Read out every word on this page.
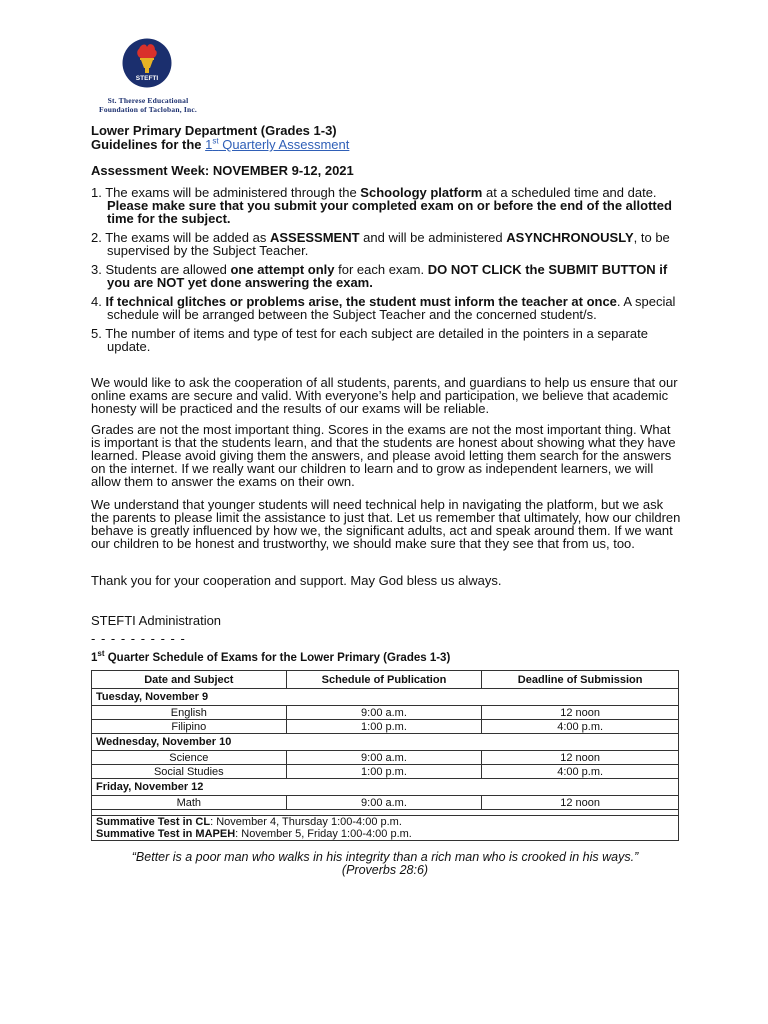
STEFTI
St. Therese Educational
Foundation of Tacloban, Inc.
Lower Primary Department (Grades 1-3)
Guidelines for the 1st Quarterly Assessment
Assessment Week: NOVEMBER 9-12, 2021
1. The exams will be administered through the Schoology platform at a scheduled time and date. Please make sure that you submit your completed exam on or before the end of the allotted time for the subject.
2. The exams will be added as ASSESSMENT and will be administered ASYNCHRONOUSLY, to be supervised by the Subject Teacher.
3. Students are allowed one attempt only for each exam. DO NOT CLICK the SUBMIT BUTTON if you are NOT yet done answering the exam.
4. If technical glitches or problems arise, the student must inform the teacher at once. A special schedule will be arranged between the Subject Teacher and the concerned student/s.
5. The number of items and type of test for each subject are detailed in the pointers in a separate update.

We would like to ask the cooperation of all students, parents, and guardians to help us ensure that our online exams are secure and valid. With everyone’s help and participation, we believe that academic honesty will be practiced and the results of our exams will be reliable.

Grades are not the most important thing. Scores in the exams are not the most important thing. What is important is that the students learn, and that the students are honest about showing what they have learned. Please avoid giving them the answers, and please avoid letting them search for the answers on the internet. If we really want our children to learn and to grow as independent learners, we will allow them to answer the exams on their own.

We understand that younger students will need technical help in navigating the platform, but we ask the parents to please limit the assistance to just that. Let us remember that ultimately, how our children behave is greatly influenced by how we, the significant adults, act and speak around them. If we want our children to be honest and trustworthy, we should make sure that they see that from us, too.

Thank you for your cooperation and support. May God bless us always.

STEFTI Administration
- - - - - - - - - -
1st Quarter Schedule of Exams for the Lower Primary (Grades 1-3)
Date and Subject	Schedule of Publication	Deadline of Submission
Tuesday, November 9		
English	9:00 a.m.	12 noon
Filipino	1:00 p.m.	4:00 p.m.
Wednesday, November 10		
Science	9:00 a.m.	12 noon
Social Studies	1:00 p.m.	4:00 p.m.
Friday, November 12		
Math	9:00 a.m.	12 noon

Summative Test in CL: November 4, Thursday 1:00-4:00 p.m.
Summative Test in MAPEH: November 5, Friday 1:00-4:00 p.m.		
“Better is a poor man who walks in his integrity than a rich man who is crooked in his ways.”
(Proverbs 28:6)
